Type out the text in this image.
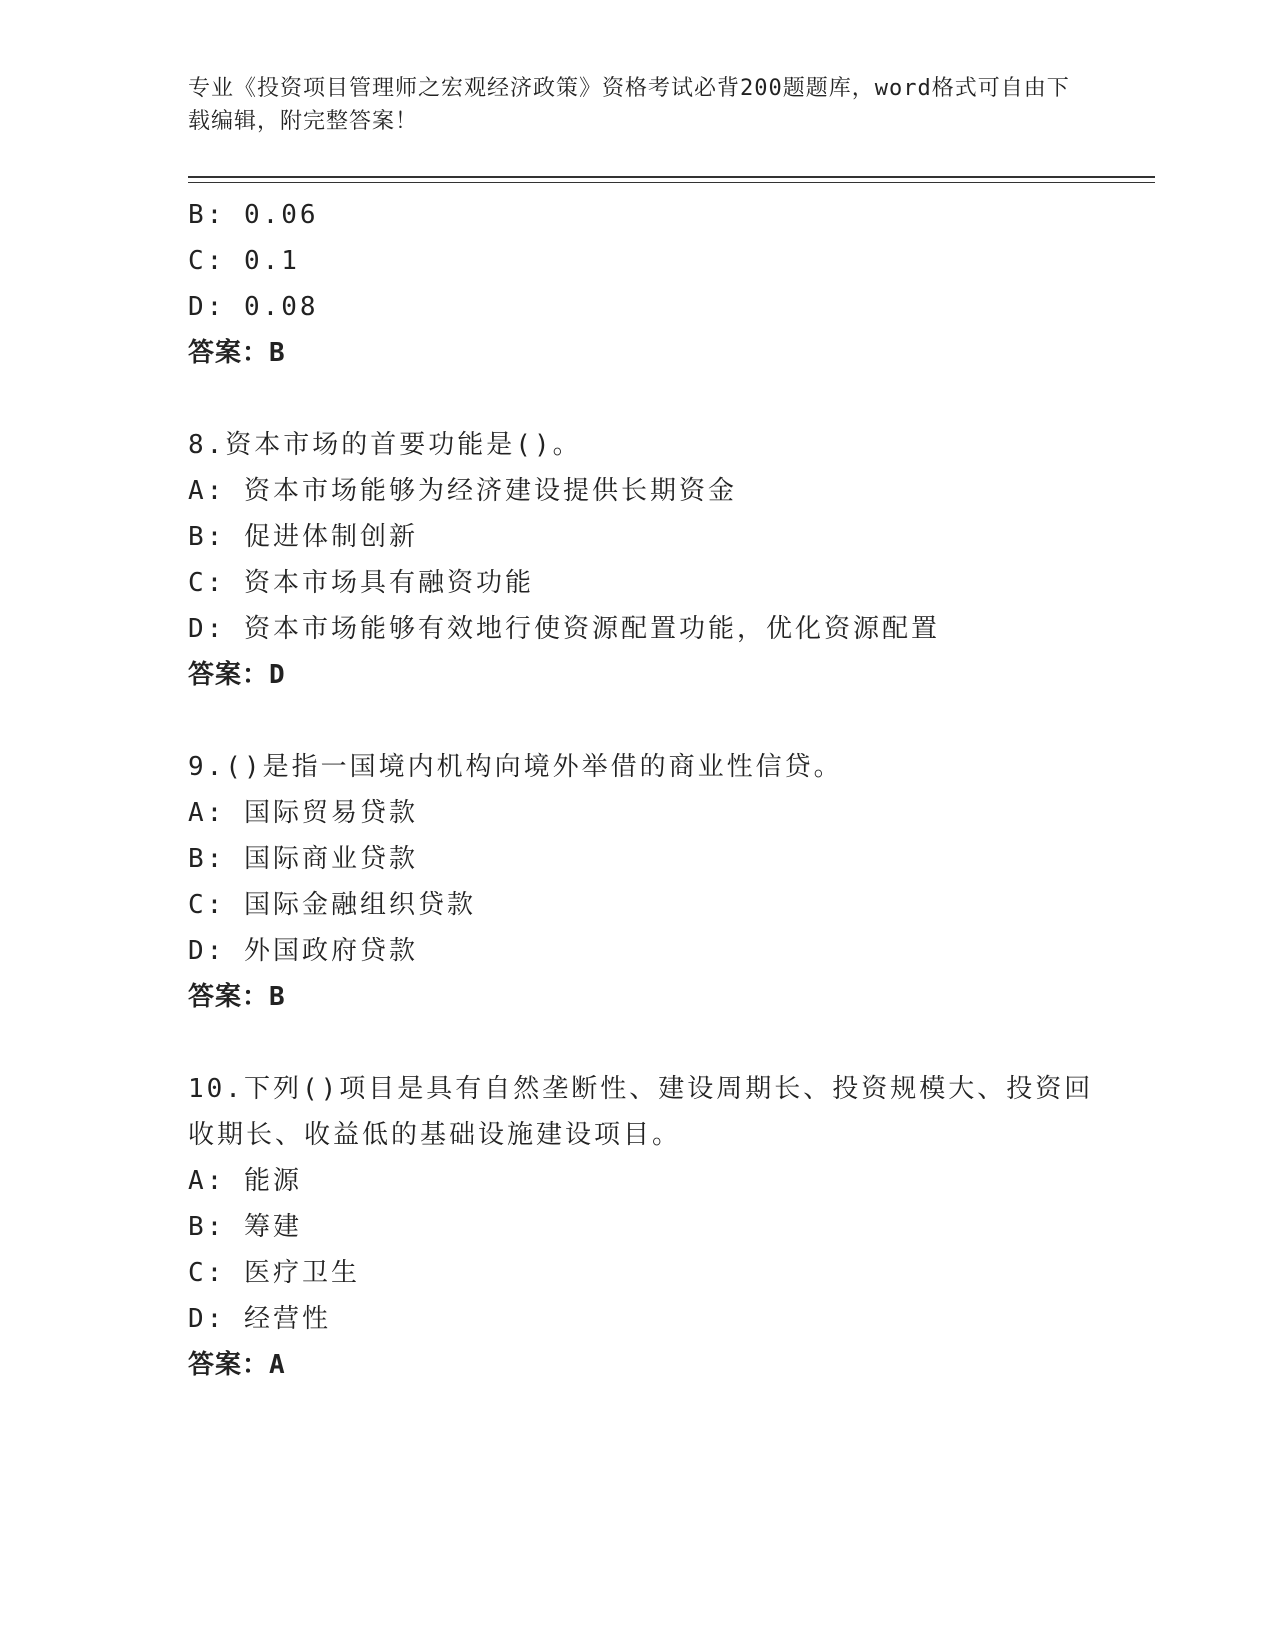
专业《投资项目管理师之宏观经济政策》资格考试必背200题题库，word格式可自由下载编辑，附完整答案！
B: 0.06
C: 0.1
D: 0.08
答案：B
8.资本市场的首要功能是()。
A: 资本市场能够为经济建设提供长期资金
B: 促进体制创新
C: 资本市场具有融资功能
D: 资本市场能够有效地行使资源配置功能，优化资源配置
答案：D
9.()是指一国境内机构向境外举借的商业性信贷。
A: 国际贸易贷款
B: 国际商业贷款
C: 国际金融组织贷款
D: 外国政府贷款
答案：B
10.下列()项目是具有自然垄断性、建设周期长、投资规模大、投资回
收期长、收益低的基础设施建设项目。
A: 能源
B: 筹建
C: 医疗卫生
D: 经营性
答案：A
